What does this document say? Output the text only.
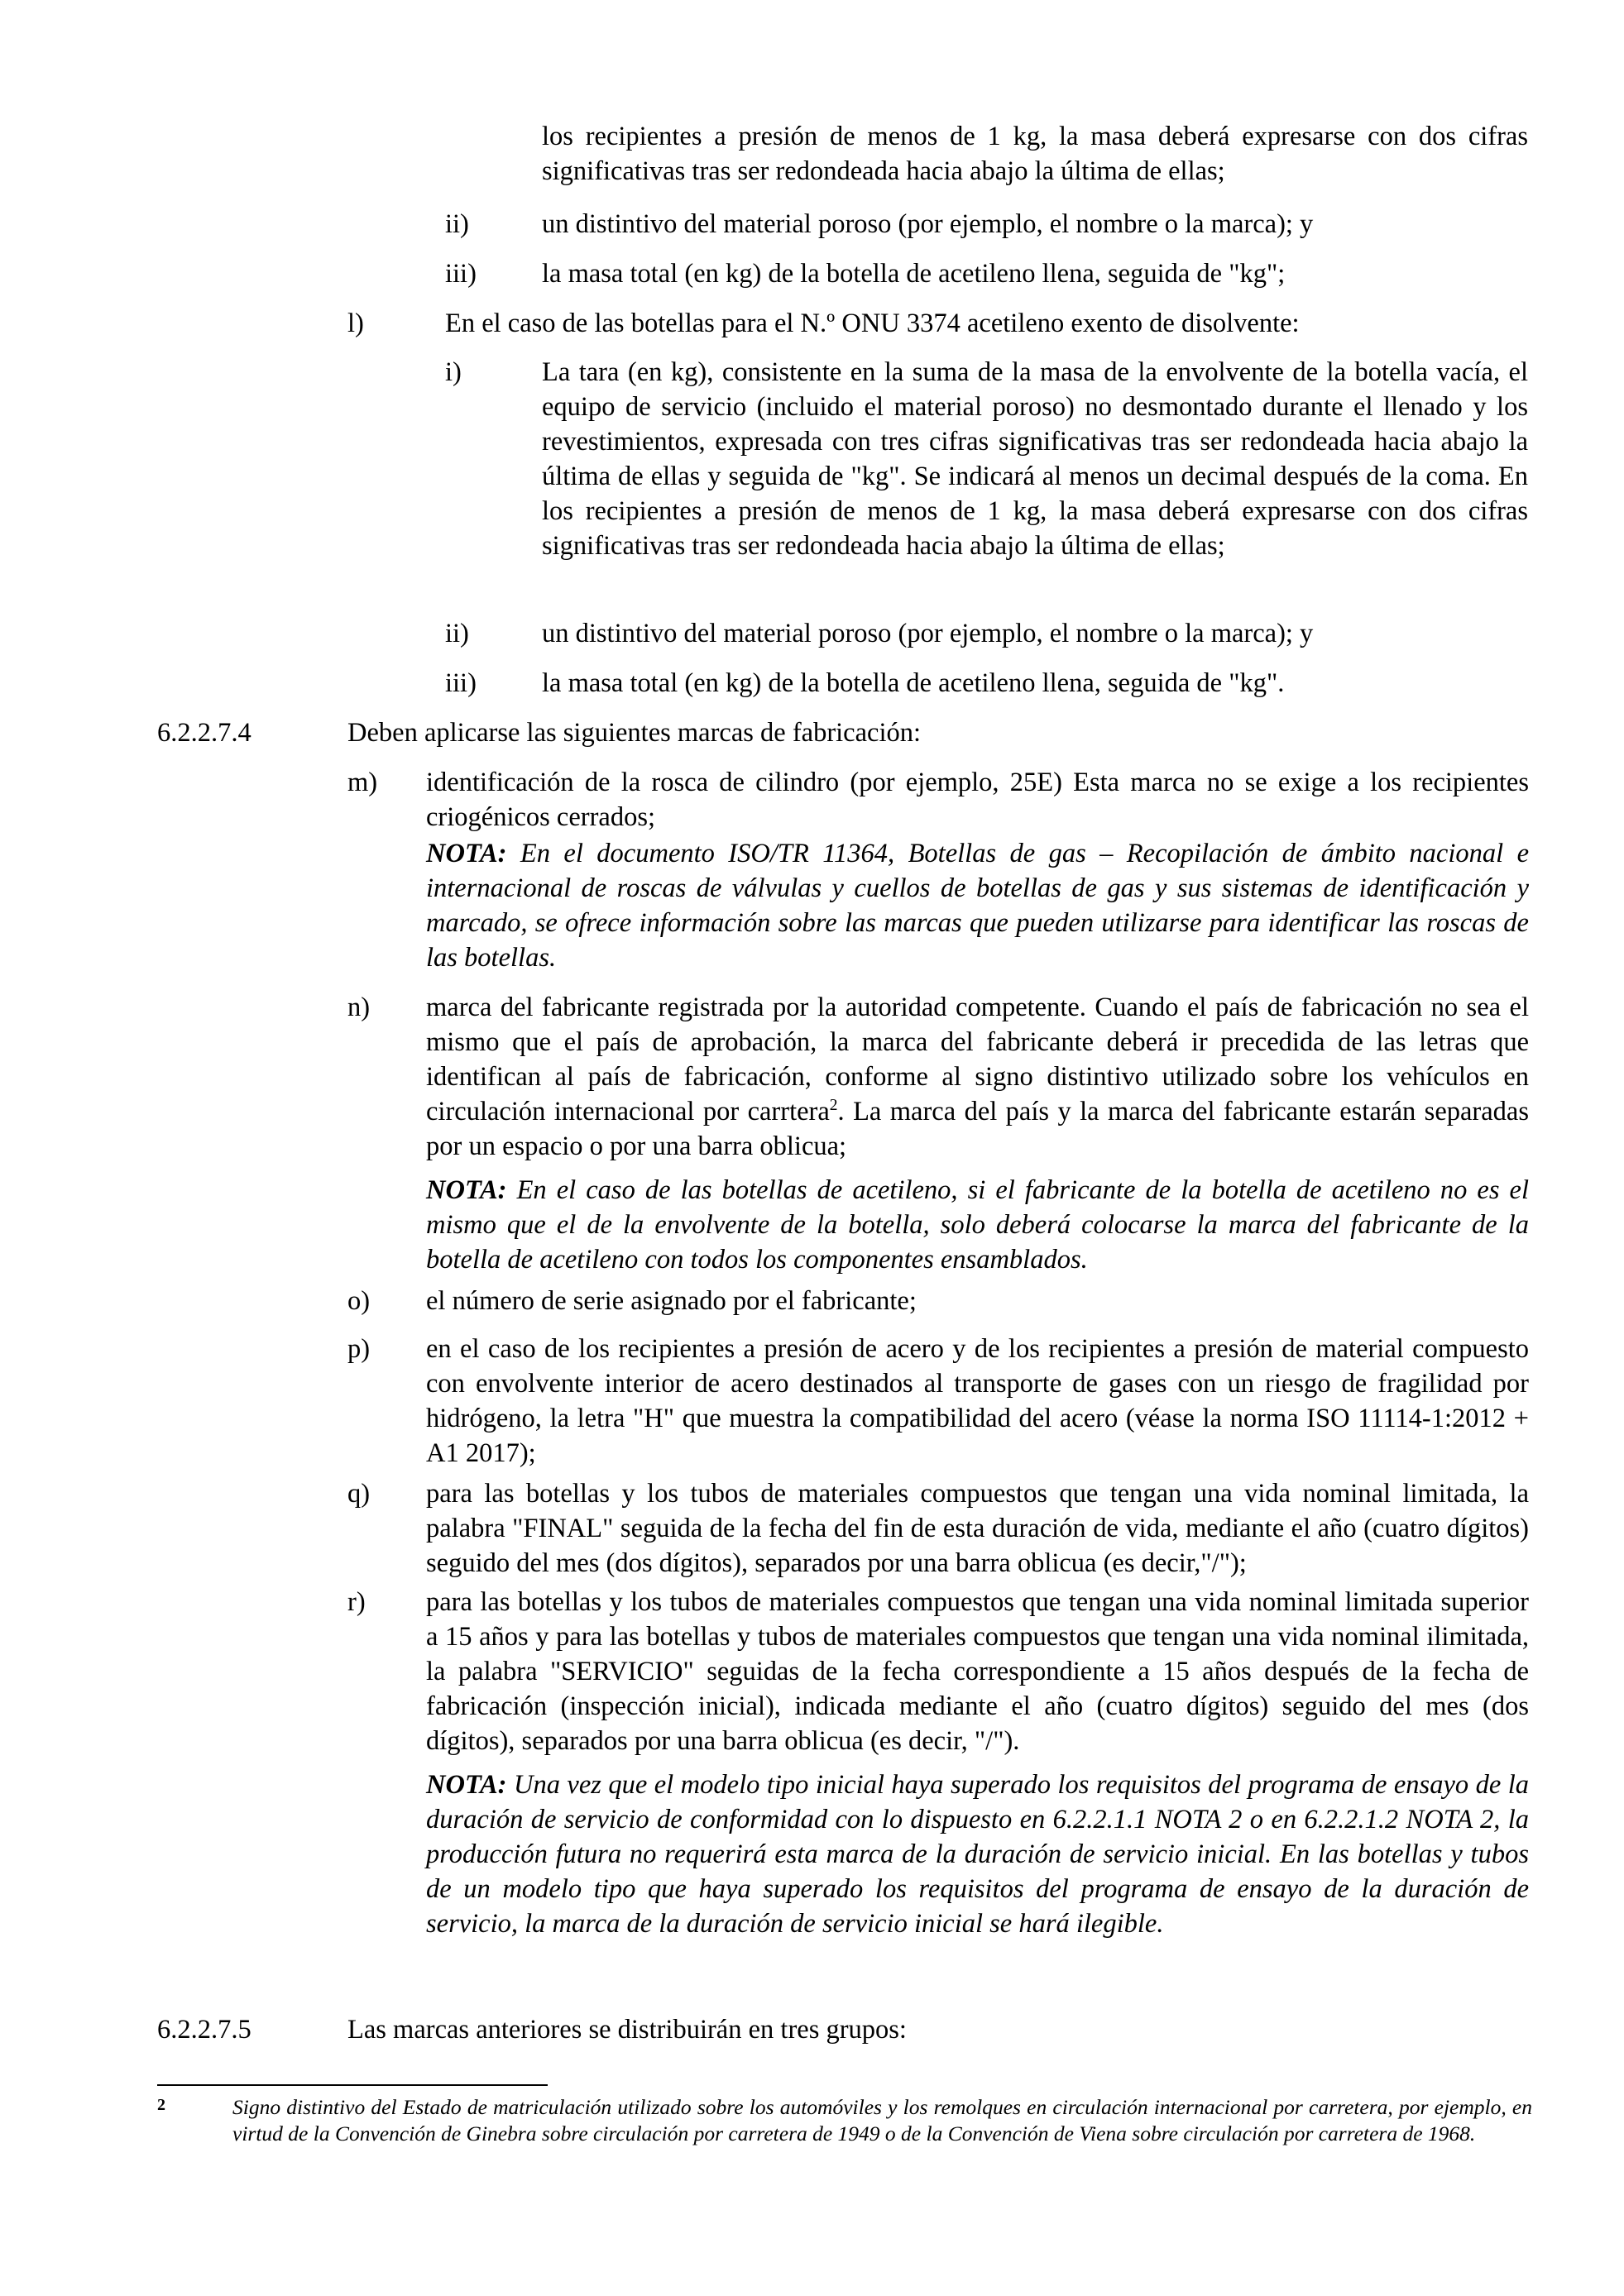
los recipientes a presión de menos de 1 kg, la masa deberá expresarse con dos cifras significativas tras ser redondeada hacia abajo la última de ellas;
ii)	un distintivo del material poroso (por ejemplo, el nombre o la marca); y
iii) la masa total (en kg) de la botella de acetileno llena, seguida de "kg";
l)	En el caso de las botellas para el N.º ONU 3374 acetileno exento de disolvente:
i)	La tara (en kg), consistente en la suma de la masa de la envolvente de la botella vacía, el equipo de servicio (incluido el material poroso) no desmontado durante el llenado y los revestimientos, expresada con tres cifras significativas tras ser redondeada hacia abajo la última de ellas y seguida de "kg". Se indicará al menos un decimal después de la coma. En los recipientes a presión de menos de 1 kg, la masa deberá expresarse con dos cifras significativas tras ser redondeada hacia abajo la última de ellas;
ii)	un distintivo del material poroso (por ejemplo, el nombre o la marca); y
iii) la masa total (en kg) de la botella de acetileno llena, seguida de "kg".
6.2.2.7.4	Deben aplicarse las siguientes marcas de fabricación:
m) identificación de la rosca de cilindro (por ejemplo, 25E) Esta marca no se exige a los recipientes criogénicos cerrados;
NOTA: En el documento ISO/TR 11364, Botellas de gas – Recopilación de ámbito nacional e internacional de roscas de válvulas y cuellos de botellas de gas y sus sistemas de identificación y marcado, se ofrece información sobre las marcas que pueden utilizarse para identificar las roscas de las botellas.
n) marca del fabricante registrada por la autoridad competente. Cuando el país de fabricación no sea el mismo que el país de aprobación, la marca del fabricante deberá ir precedida de las letras que identifican al país de fabricación, conforme al signo distintivo utilizado sobre los vehículos en circulación internacional por carrtera$^2$. La marca del país y la marca del fabricante estarán separadas por un espacio o por una barra oblicua;
NOTA: En el caso de las botellas de acetileno, si el fabricante de la botella de acetileno no es el mismo que el de la envolvente de la botella, solo deberá colocarse la marca del fabricante de la botella de acetileno con todos los componentes ensamblados.
o) el número de serie asignado por el fabricante;
p) en el caso de los recipientes a presión de acero y de los recipientes a presión de material compuesto con envolvente interior de acero destinados al transporte de gases con un riesgo de fragilidad por hidrógeno, la letra "H" que muestra la compatibilidad del acero (véase la norma ISO 11114-1:2012 + A1 2017);
q) para las botellas y los tubos de materiales compuestos que tengan una vida nominal limitada, la palabra "FINAL" seguida de la fecha del fin de esta duración de vida, mediante el año (cuatro dígitos) seguido del mes (dos dígitos), separados por una barra oblicua (es decir,"/");
r) para las botellas y los tubos de materiales compuestos que tengan una vida nominal limitada superior a 15 años y para las botellas y tubos de materiales compuestos que tengan una vida nominal ilimitada, la palabra "SERVICIO" seguidas de la fecha correspondiente a 15 años después de la fecha de fabricación (inspección inicial), indicada mediante el año (cuatro dígitos) seguido del mes (dos dígitos), separados por una barra oblicua (es decir, "/").
NOTA: Una vez que el modelo tipo inicial haya superado los requisitos del programa de ensayo de la duración de servicio de conformidad con lo dispuesto en 6.2.2.1.1 NOTA 2 o en 6.2.2.1.2 NOTA 2, la producción futura no requerirá esta marca de la duración de servicio inicial. En las botellas y tubos de un modelo tipo que haya superado los requisitos del programa de ensayo de la duración de servicio, la marca de la duración de servicio inicial se hará ilegible.
6.2.2.7.5	Las marcas anteriores se distribuirán en tres grupos:
2	Signo distintivo del Estado de matriculación utilizado sobre los automóviles y los remolques en circulación internacional por carretera, por ejemplo, en virtud de la Convención de Ginebra sobre circulación por carretera de 1949 o de la Convención de Viena sobre circulación por carretera de 1968.
